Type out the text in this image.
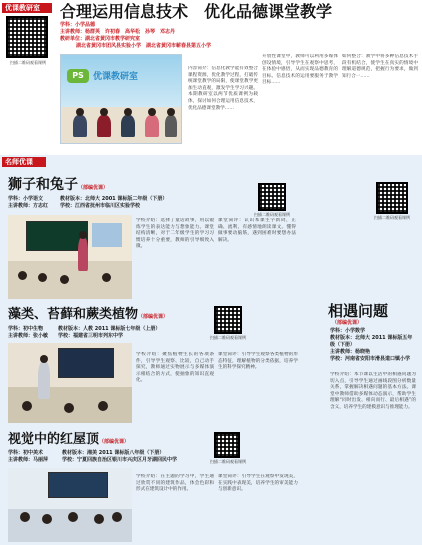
优课教研室
扫描二维码观看课例
合理运用信息技术　优化品德课堂教学
学科：小学品德
主讲教师：杨群英　许初春　高华松　孙琴　邓志丹
教研单位：湖北省黄冈市教学研究室
湖北省黄冈市团风县实验小学　湖北省黄冈市蕲春县第五小学
PS	优课教研室
内容简介：信息化教学能有效整合课程资源，优化教学过程，打破传统课堂教学的局限，使课堂教学更加生动直观，激发学生学习兴趣。本期教研室以两节优质课例为载体，探讨如何合理运用信息技术，优化品德课堂教学……
开放性课堂中，教师可以利用多媒体创设情境，引导学生在观察中思考，在体验中感悟，从而实现品德教育的目标。信息技术的运用要服务于教学目标……
如何整合：教学中将多种信息技术手段有机结合，使学生在真实的情境中理解道德规范，把握行为要求，做到知行合一……
名师优课
狮子和兔子（部编优课）
学科：小学语文	教材版本：北师大 2001 课标版二年级（下册）
主讲教师：方志红 学校：江西省抚州市临川区实验学校
扫描二维码观看课例
学校介绍：选择了童话故事，用以锻炼学生的表达能力与想象能力。课堂结构清晰，对于二年级学生的学习习惯培养十分重要，教师的引导细致入微。
课堂简评：认识本课生字新词，正确、流利、有感情地朗读课文。懂得做事要动脑筋，遇到困难时要想办法解决。
藻类、苔藓和蕨类植物（部编优课）
学科：初中生物	教材版本：人教 2011 课标版七年级（上册）
主讲教师：张小敏 学校：福建省三明市列东中学	扫描二维码观看课例
学校介绍：聚焦植物生长的各项条件，引导学生观察、比较，自己动手探究，教师通过实物展示与多媒体演示相结合的方式，使抽象的知识直观化。
课堂简评：引导学生观察各类植物的形态特征，理解植物的分类依据，培养学生的科学探究精神。
视觉中的红屋顶（部编优课）
学科：初中美术	教材版本：湘美 2011 课标版八年级（下册）
主讲教师：马丽萍	学校：宁夏回族自治区银川市兴庆区月牙湖回民中学	扫描二维码观看课例
学校介绍：在主题的学习中，学生通过欣赏不同的建筑作品，体会色彩和形式在建筑设计中的作用。
课堂简评：引导学生在观察中发现美，在实践中表现美，培养学生的审美能力与创新意识。
扫描二维码观看课例
相遇问题
（部编优课）
学科：小学数学
教材版本：北师大 2011 课标版五年级（下册）
主讲教师：杨晓艳
学校：河南省安阳市滑县道口镇小学
学校介绍：本节课以生活中的相遇问题为切入点，引导学生通过画线段图分析数量关系，掌握解决相遇问题的基本方法。课堂中教师借助多媒体动态演示，帮助学生理解“同时出发、相向而行、最后相遇”的含义，培养学生的建模意识与推理能力。
